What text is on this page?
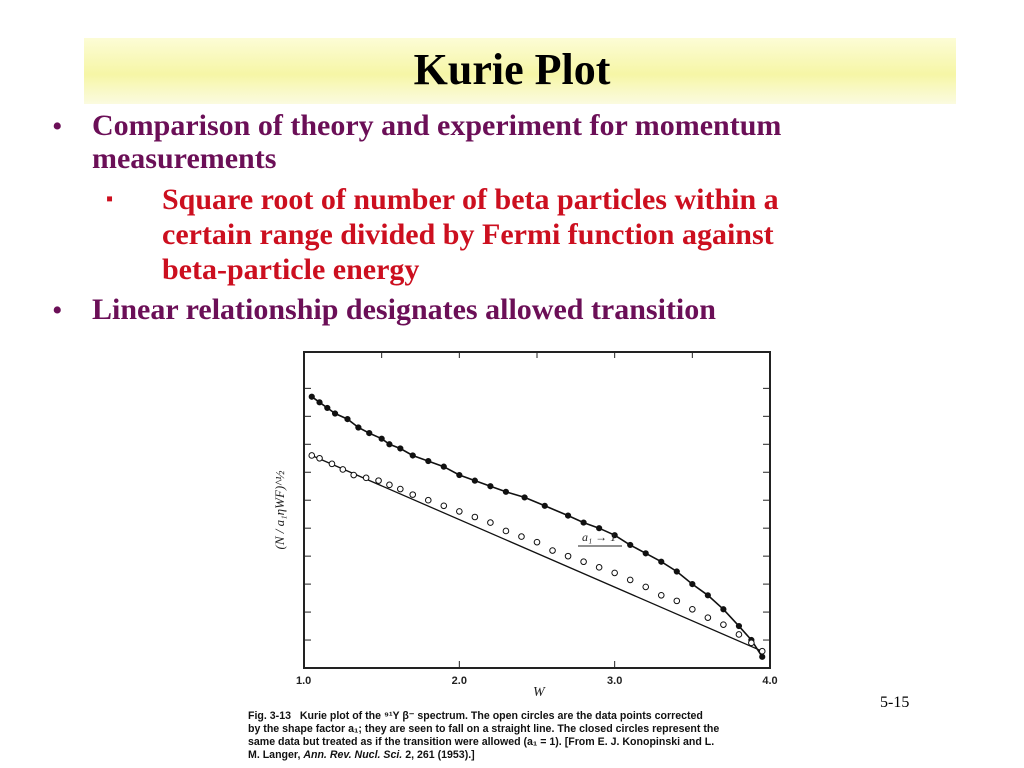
Kurie Plot
• Comparison of theory and experiment for momentum
measurements
▪ Square root of number of beta particles within a
certain range divided by Fermi function against
beta-particle energy
• Linear relationship designates allowed transition
1.0	2.0	3.0	4.0
W
(N / a₁ηWF)^½	a₁ → 1
5-15
Fig. 3-13 Kurie plot of the ⁹¹Y β⁻ spectrum. The open circles are the data points corrected
by the shape factor a₁; they are seen to fall on a straight line. The closed circles represent the
same data but treated as if the transition were allowed (a₁ = 1). [From E. J. Konopinski and L.
M. Langer, Ann. Rev. Nucl. Sci. 2, 261 (1953).]
